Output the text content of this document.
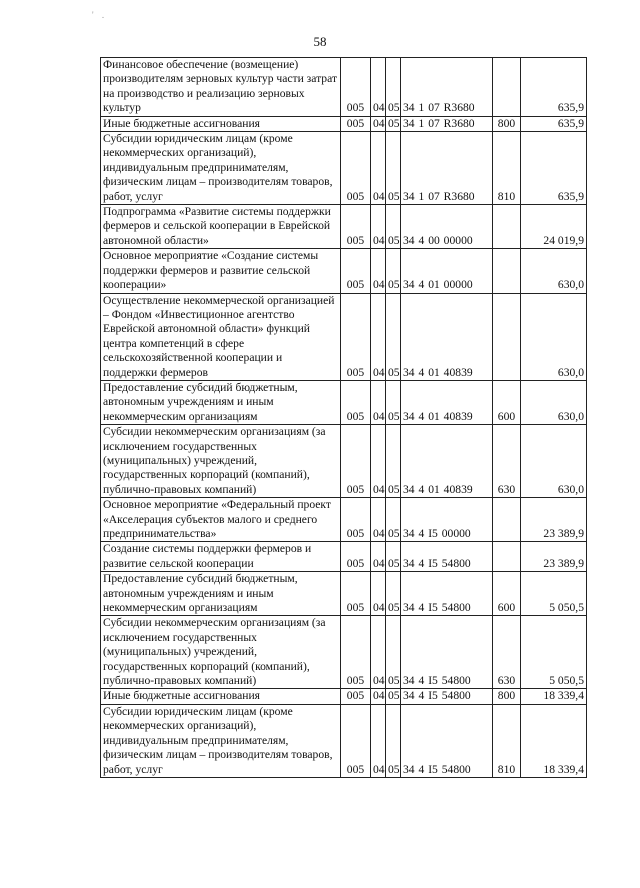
' .
58
Финансовое обеспечение (возмещение) производителям зерновых культур части затрат на производство и реализацию зерновых культур	005	04	05	34 1 07 R3680		635,9
Иные бюджетные ассигнования	005	04	05	34 1 07 R3680	800	635,9
Субсидии юридическим лицам (кроме некоммерческих организаций), индивидуальным предпринимателям, физическим лицам – производителям товаров, работ, услуг	005	04	05	34 1 07 R3680	810	635,9
Подпрограмма «Развитие системы поддержки фермеров и сельской кооперации в Еврейской автономной области»	005	04	05	34 4 00 00000		24 019,9
Основное мероприятие «Создание системы поддержки фермеров и развитие сельской кооперации»	005	04	05	34 4 01 00000		630,0
Осуществление некоммерческой организацией – Фондом «Инвестиционное агентство Еврейской автономной области» функций центра компетенций в сфере сельскохозяйственной кооперации и поддержки фермеров	005	04	05	34 4 01 40839		630,0
Предоставление субсидий бюджетным, автономным учреждениям и иным некоммерческим организациям	005	04	05	34 4 01 40839	600	630,0
Субсидии некоммерческим организациям (за исключением государственных (муниципальных) учреждений, государственных корпораций (компаний), публично-правовых компаний)	005	04	05	34 4 01 40839	630	630,0
Основное мероприятие «Федеральный проект «Акселерация субъектов малого и среднего предпринимательства»	005	04	05	34 4 I5 00000		23 389,9
Создание системы поддержки фермеров и развитие сельской кооперации	005	04	05	34 4 I5 54800		23 389,9
Предоставление субсидий бюджетным, автономным учреждениям и иным некоммерческим организациям	005	04	05	34 4 I5 54800	600	5 050,5
Субсидии некоммерческим организациям (за исключением государственных (муниципальных) учреждений, государственных корпораций (компаний), публично-правовых компаний)	005	04	05	34 4 I5 54800	630	5 050,5
Иные бюджетные ассигнования	005	04	05	34 4 I5 54800	800	18 339,4
Субсидии юридическим лицам (кроме некоммерческих организаций), индивидуальным предпринимателям, физическим лицам – производителям товаров, работ, услуг	005	04	05	34 4 I5 54800	810	18 339,4
